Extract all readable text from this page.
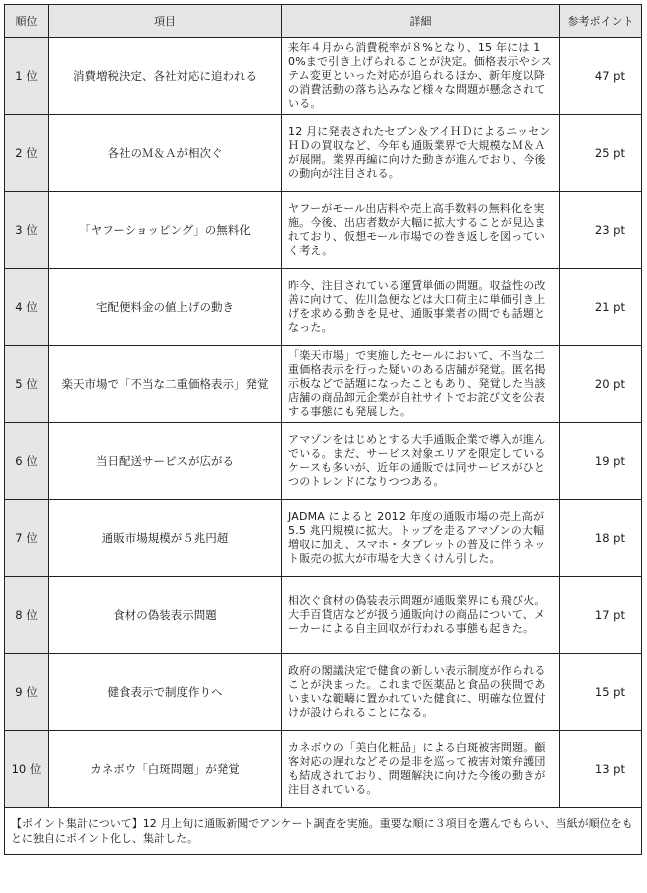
順位	項目	詳細	参考ポイント
1 位	消費増税決定、各社対応に追われる	来年４月から消費税率が８%となり、15 年には 10%まで引き上げられることが決定。価格表示やシステム変更といった対応が追られるほか、新年度以降の消費活動の落ち込みなど様々な問題が懸念されている。	47 pt
2 位	各社のＭ＆Ａが相次ぐ	12 月に発表されたセブン＆アイＨＤによるニッセンＨＤの買収など、今年も通販業界で大規模なＭ＆Ａが展開。業界再編に向けた動きが進んでおり、今後の動向が注目される。	25 pt
3 位	「ヤフーショッピング」の無料化	ヤフーがモール出店料や売上高手数料の無料化を実施。今後、出店者数が大幅に拡大することが見込まれており、仮想モール市場での巻き返しを図っていく考え。	23 pt
4 位	宅配便料金の値上げの動き	昨今、注目されている運賃単価の問題。収益性の改善に向けて、佐川急便などは大口荷主に単価引き上げを求める動きを見せ、通販事業者の間でも話題となった。	21 pt
5 位	楽天市場で「不当な二重価格表示」発覚	「楽天市場」で実施したセールにおいて、不当な二重価格表示を行った疑いのある店舗が発覚。匿名掲示板などで話題になったこともあり、発覚した当該店舗の商品卸元企業が自社サイトでお詫び文を公表する事態にも発展した。	20 pt
6 位	当日配送サービスが広がる	アマゾンをはじめとする大手通販企業で導入が進んでいる。まだ、サービス対象エリアを限定しているケースも多いが、近年の通販では同サービスがひとつのトレンドになりつつある。	19 pt
7 位	通販市場規模が５兆円超	JADMA によると 2012 年度の通販市場の売上高が 5.5 兆円規模に拡大。トップを走るアマゾンの大幅増収に加え、スマホ・タブレットの普及に伴うネット販売の拡大が市場を大きくけん引した。	18 pt
8 位	食材の偽装表示問題	相次ぐ食材の偽装表示問題が通販業界にも飛び火。大手百貨店などが扱う通販向けの商品について、メーカーによる自主回収が行われる事態も起きた。	17 pt
9 位	健食表示で制度作りへ	政府の閣議決定で健食の新しい表示制度が作られることが決まった。これまで医薬品と食品の狭間であいまいな範疇に置かれていた健食に、明確な位置付けが設けられることになる。	15 pt
10 位	カネボウ「白斑問題」が発覚	カネボウの「美白化粧品」による白斑被害問題。顧客対応の遅れなどその是非を巡って被害対策弁護団も結成されており、問題解決に向けた今後の動きが注目されている。	13 pt
【ポイント集計について】12 月上旬に通販新聞でアンケート調査を実施。重要な順に３項目を選んでもらい、当紙が順位をもとに独自にポイント化し、集計した。			
